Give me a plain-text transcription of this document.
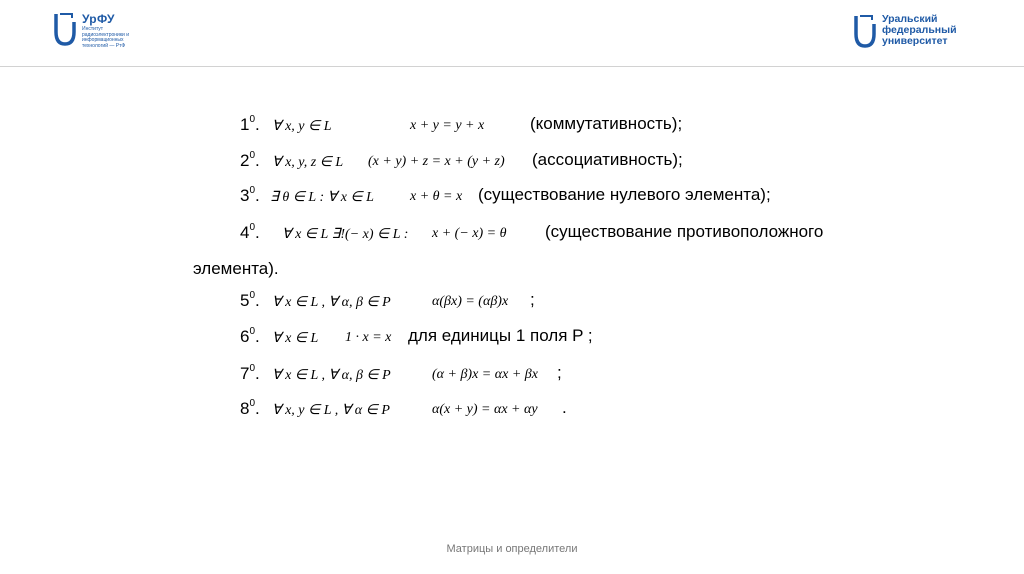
УрФУ
Институт радиоэлектроники и информационных технологий — РтФ
Уральский
федеральный
университет
$1^0$. ∀ x, y ∈ L	x + y = y + x	(коммутативность);
$2^0$. ∀ x, y, z ∈ L (x + y) + z = x + (y + z) (ассоциативность);
$3^0$. ∃ θ ∈ L : ∀ x ∈ L	x + θ = x (существование нулевого элемента);
$4^0$. ∀ x ∈ L ∃!(− x) ∈ L : x + (− x) = θ (существование противоположного
элемента).
$5^0$. ∀ x ∈ L , ∀ α, β ∈ P	α(βx) = (αβ)x ;
$6^0$. ∀ x ∈ L 1 · x = x для единицы 1 поля P ;
$7^0$. ∀ x ∈ L , ∀ α, β ∈ P	(α + β)x = αx + βx ;
$8^0$. ∀ x, y ∈ L , ∀ α ∈ P	α(x + y) = αx + αy .
Матрицы и определители
